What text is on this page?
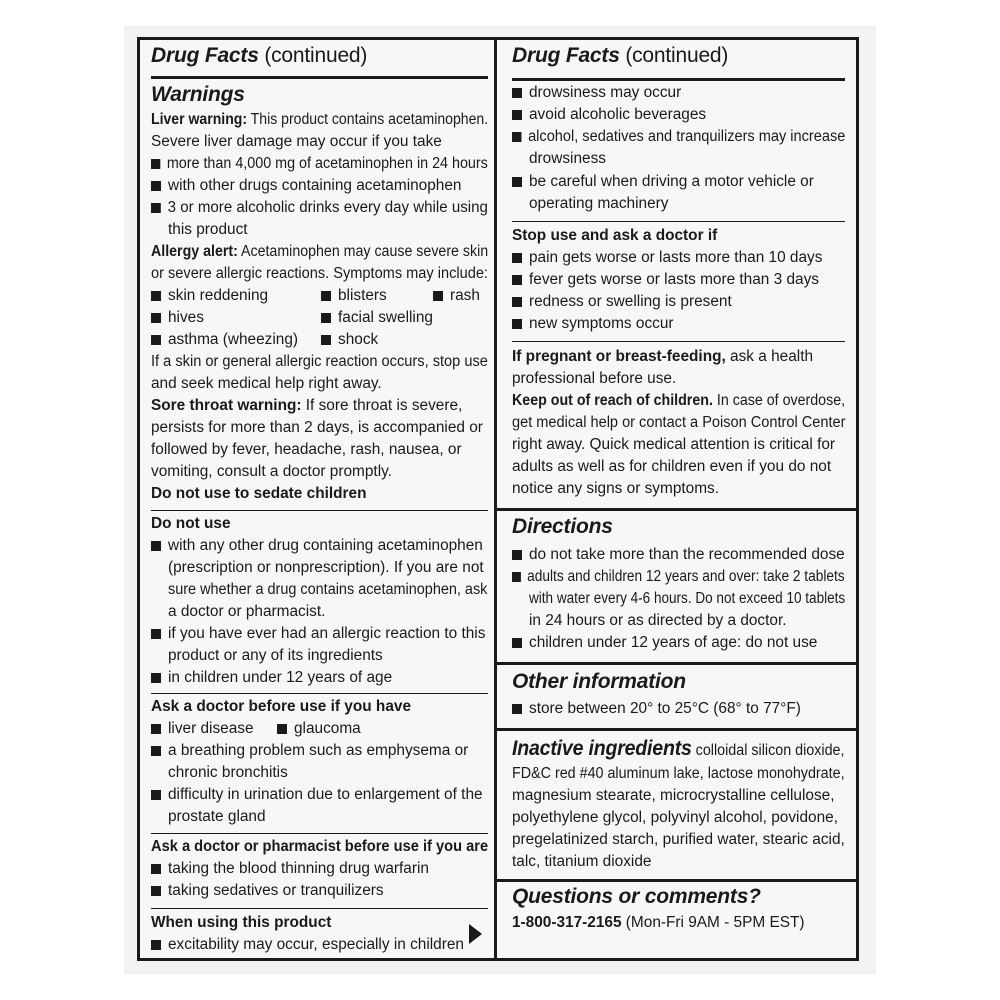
Drug Facts (continued)
Warnings
Liver warning: This product contains acetaminophen.
Severe liver damage may occur if you take
more than 4,000 mg of acetaminophen in 24 hours
with other drugs containing acetaminophen
3 or more alcoholic drinks every day while using
this product
Allergy alert: Acetaminophen may cause severe skin
or severe allergic reactions. Symptoms may include:
skin reddening	blisters	rash
hives	facial swelling
asthma (wheezing)	shock
If a skin or general allergic reaction occurs, stop use
and seek medical help right away.
Sore throat warning: If sore throat is severe,
persists for more than 2 days, is accompanied or
followed by fever, headache, rash, nausea, or
vomiting, consult a doctor promptly.
Do not use to sedate children
Do not use
with any other drug containing acetaminophen
(prescription or nonprescription). If you are not
sure whether a drug contains acetaminophen, ask
a doctor or pharmacist.
if you have ever had an allergic reaction to this
product or any of its ingredients
in children under 12 years of age
Ask a doctor before use if you have
liver disease	glaucoma
a breathing problem such as emphysema or
chronic bronchitis
difficulty in urination due to enlargement of the
prostate gland
Ask a doctor or pharmacist before use if you are
taking the blood thinning drug warfarin
taking sedatives or tranquilizers
When using this product
excitability may occur, especially in children
Drug Facts (continued)
drowsiness may occur
avoid alcoholic beverages
alcohol, sedatives and tranquilizers may increase
drowsiness
be careful when driving a motor vehicle or
operating machinery
Stop use and ask a doctor if
pain gets worse or lasts more than 10 days
fever gets worse or lasts more than 3 days
redness or swelling is present
new symptoms occur
If pregnant or breast-feeding, ask a health
professional before use.
Keep out of reach of children. In case of overdose,
get medical help or contact a Poison Control Center
right away. Quick medical attention is critical for
adults as well as for children even if you do not
notice any signs or symptoms.
Directions
do not take more than the recommended dose
adults and children 12 years and over: take 2 tablets
with water every 4-6 hours. Do not exceed 10 tablets
in 24 hours or as directed by a doctor.
children under 12 years of age: do not use
Other information
store between 20° to 25°C (68° to 77°F)
Inactive ingredients colloidal silicon dioxide,
FD&C red #40 aluminum lake, lactose monohydrate,
magnesium stearate, microcrystalline cellulose,
polyethylene glycol, polyvinyl alcohol, povidone,
pregelatinized starch, purified water, stearic acid,
talc, titanium dioxide
Questions or comments?
1-800-317-2165 (Mon-Fri 9AM - 5PM EST)
